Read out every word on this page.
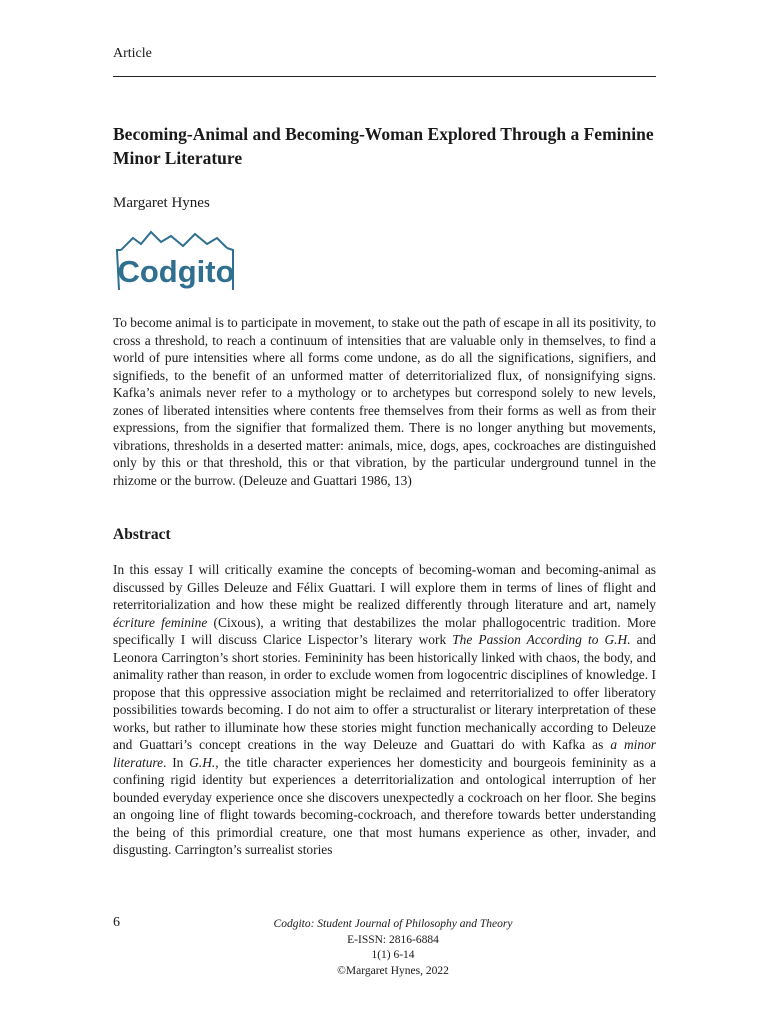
Article
Becoming-Animal and Becoming-Woman Explored Through a Feminine Minor Literature
Margaret Hynes
Codgito

To become animal is to participate in movement, to stake out the path of escape in all its positivity, to cross a threshold, to reach a continuum of intensities that are valuable only in themselves, to find a world of pure intensities where all forms come undone, as do all the significations, signifiers, and signifieds, to the benefit of an unformed matter of deterritorialized flux, of nonsignifying signs. Kafka’s animals never refer to a mythology or to archetypes but correspond solely to new levels, zones of liberated intensities where contents free themselves from their forms as well as from their expressions, from the signifier that formalized them. There is no longer anything but movements, vibrations, thresholds in a deserted matter: animals, mice, dogs, apes, cockroaches are distinguished only by this or that threshold, this or that vibration, by the particular underground tunnel in the rhizome or the burrow. (Deleuze and Guattari 1986, 13)

Abstract

In this essay I will critically examine the concepts of becoming-woman and becoming-animal as discussed by Gilles Deleuze and Félix Guattari. I will explore them in terms of lines of flight and reterritorialization and how these might be realized differently through literature and art, namely écriture feminine (Cixous), a writing that destabilizes the molar phallogocentric tradition. More specifically I will discuss Clarice Lispector’s literary work The Passion According to G.H. and Leonora Carrington’s short stories. Femininity has been historically linked with chaos, the body, and animality rather than reason, in order to exclude women from logocentric disciplines of knowledge. I propose that this oppressive association might be reclaimed and reterritorialized to offer liberatory possibilities towards becoming. I do not aim to offer a structuralist or literary interpretation of these works, but rather to illuminate how these stories might function mechanically according to Deleuze and Guattari’s concept creations in the way Deleuze and Guattari do with Kafka as a minor literature. In G.H., the title character experiences her domesticity and bourgeois femininity as a confining rigid identity but experiences a deterritorialization and ontological interruption of her bounded everyday experience once she discovers unexpectedly a cockroach on her floor. She begins an ongoing line of flight towards becoming-cockroach, and therefore towards better understanding the being of this primordial creature, one that most humans experience as other, invader, and disgusting. Carrington’s surrealist stories

6	Codgito: Student Journal of Philosophy and Theory
E-ISSN: 2816-6884
1(1) 6-14
©Margaret Hynes, 2022
